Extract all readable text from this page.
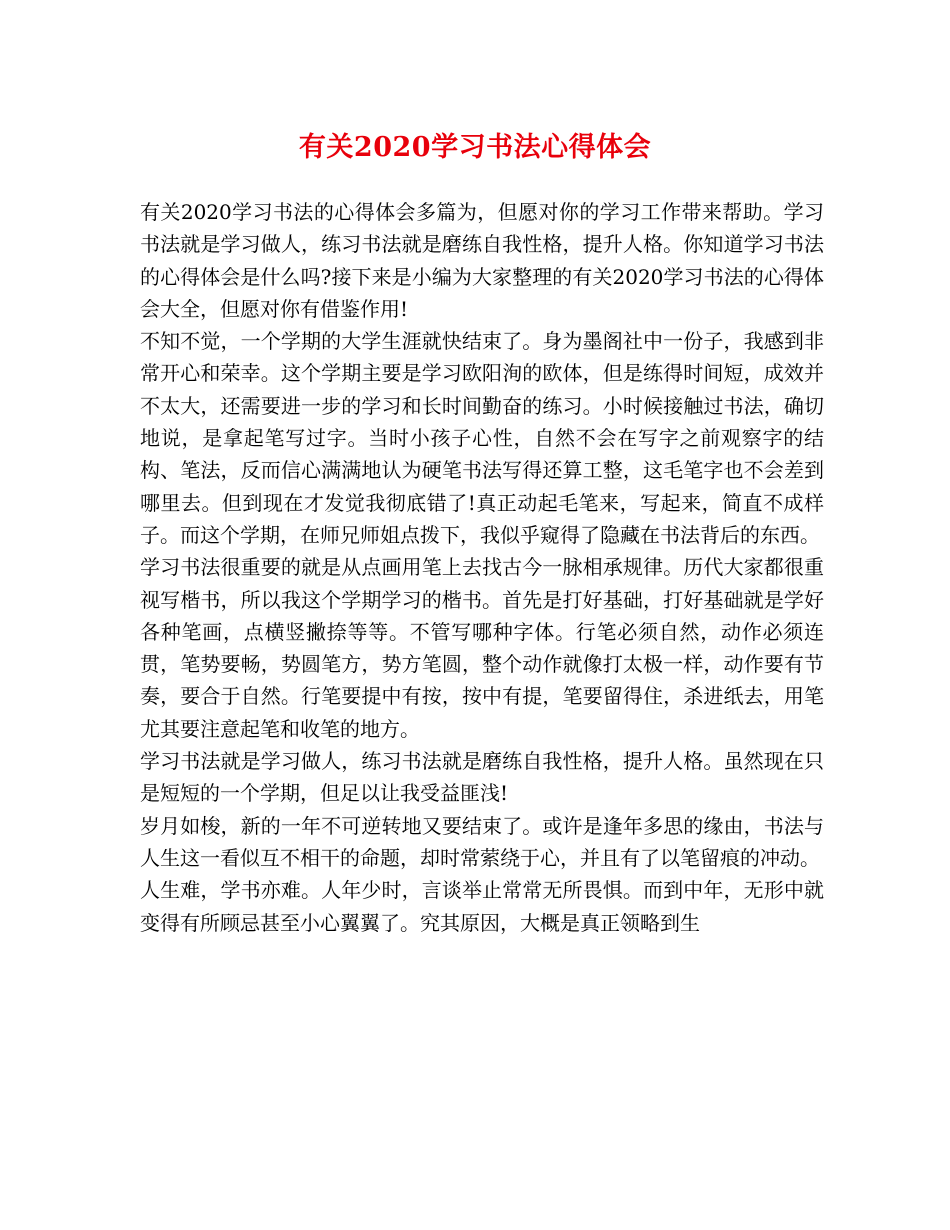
有关2020学习书法心得体会

有关2020学习书法的心得体会多篇为，但愿对你的学习工作带来帮助。学习书法就是学习做人，练习书法就是磨练自我性格，提升人格。你知道学习书法的心得体会是什么吗?接下来是小编为大家整理的有关2020学习书法的心得体会大全，但愿对你有借鉴作用!

不知不觉，一个学期的大学生涯就快结束了。身为墨阁社中一份子，我感到非常开心和荣幸。这个学期主要是学习欧阳洵的欧体，但是练得时间短，成效并不太大，还需要进一步的学习和长时间勤奋的练习。小时候接触过书法，确切地说，是拿起笔写过字。当时小孩子心性，自然不会在写字之前观察字的结构、笔法，反而信心满满地认为硬笔书法写得还算工整，这毛笔字也不会差到哪里去。但到现在才发觉我彻底错了!真正动起毛笔来，写起来，简直不成样子。而这个学期，在师兄师姐点拨下，我似乎窥得了隐藏在书法背后的东西。

学习书法很重要的就是从点画用笔上去找古今一脉相承规律。历代大家都很重视写楷书，所以我这个学期学习的楷书。首先是打好基础，打好基础就是学好各种笔画，点横竖撇捺等等。不管写哪种字体。行笔必须自然，动作必须连贯，笔势要畅，势圆笔方，势方笔圆，整个动作就像打太极一样，动作要有节奏，要合于自然。行笔要提中有按，按中有提，笔要留得住，杀进纸去，用笔尤其要注意起笔和收笔的地方。

学习书法就是学习做人，练习书法就是磨练自我性格，提升人格。虽然现在只是短短的一个学期，但足以让我受益匪浅!

岁月如梭，新的一年不可逆转地又要结束了。或许是逢年多思的缘由，书法与人生这一看似互不相干的命题，却时常萦绕于心，并且有了以笔留痕的冲动。

人生难，学书亦难。人年少时，言谈举止常常无所畏惧。而到中年，无形中就变得有所顾忌甚至小心翼翼了。究其原因，大概是真正领略到生
